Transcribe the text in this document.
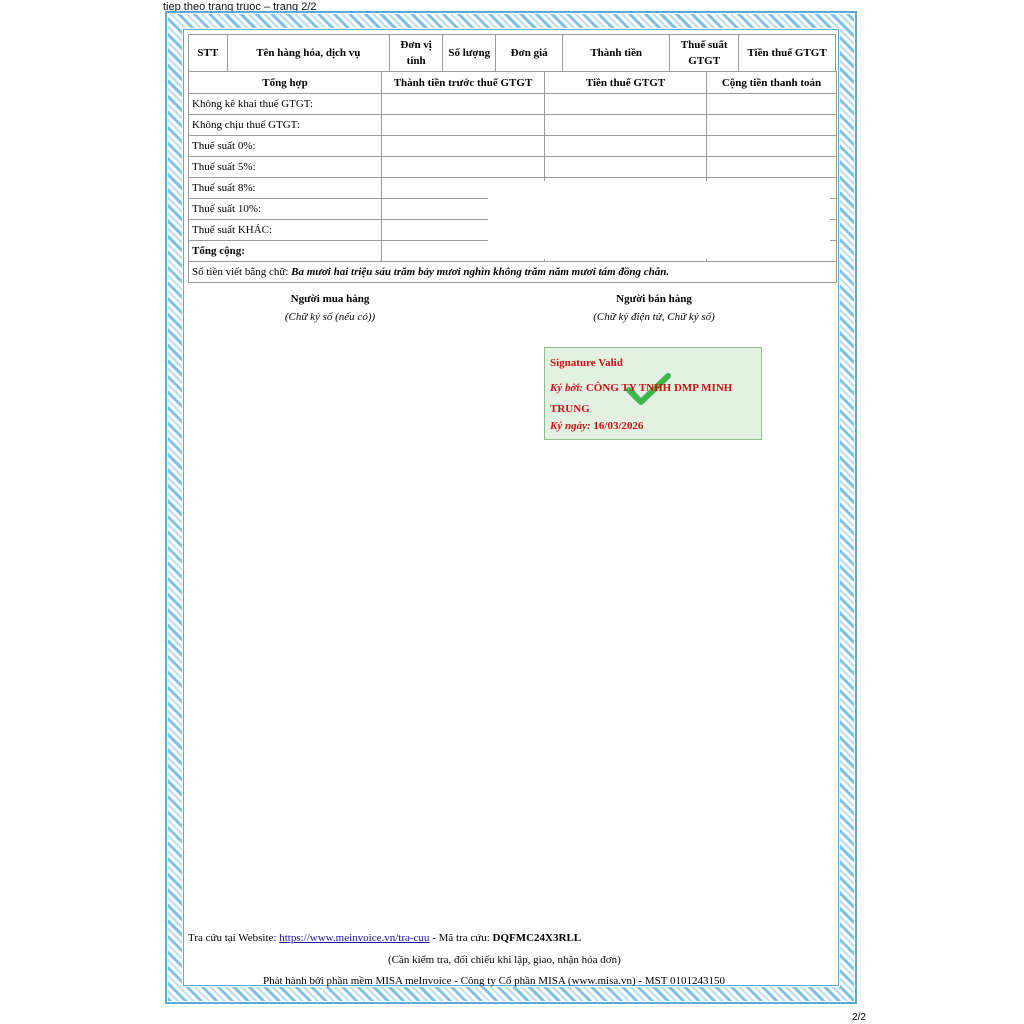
tiep theo trang truoc – trang 2/2
STT	Tên hàng hóa, dịch vụ	Đơn vị tính	Số lượng	Đơn giá	Thành tiền	Thuế suất GTGT	Tiền thuế GTGT
Tổng hợp	Thành tiền trước thuế GTGT	Tiền thuế GTGT	Cộng tiền thanh toán
Không kê khai thuế GTGT:			
Không chịu thuế GTGT:			
Thuế suất 0%:			
Thuế suất 5%:			
Thuế suất 8%:			
Thuế suất 10%:			
Thuế suất KHÁC:			
Tổng cộng:			
Số tiền viết bằng chữ: Ba mươi hai triệu sáu trăm bảy mươi nghìn không trăm năm mươi tám đồng chẵn.			
Người mua hàng
(Chữ ký số (nếu có))
Người bán hàng
(Chữ ký điện tử, Chữ ký số)
Signature Valid
Ký bởi: CÔNG TY TNHH DMP MINH TRUNG
Ký ngày: 16/03/2026
Tra cứu tại Website: https://www.meinvoice.vn/tra-cuu - Mã tra cứu: DQFMC24X3RLL
(Cần kiểm tra, đối chiếu khi lập, giao, nhận hóa đơn)
Phát hành bởi phần mềm MISA meInvoice - Công ty Cổ phần MISA (www.misa.vn) - MST 0101243150
2/2
